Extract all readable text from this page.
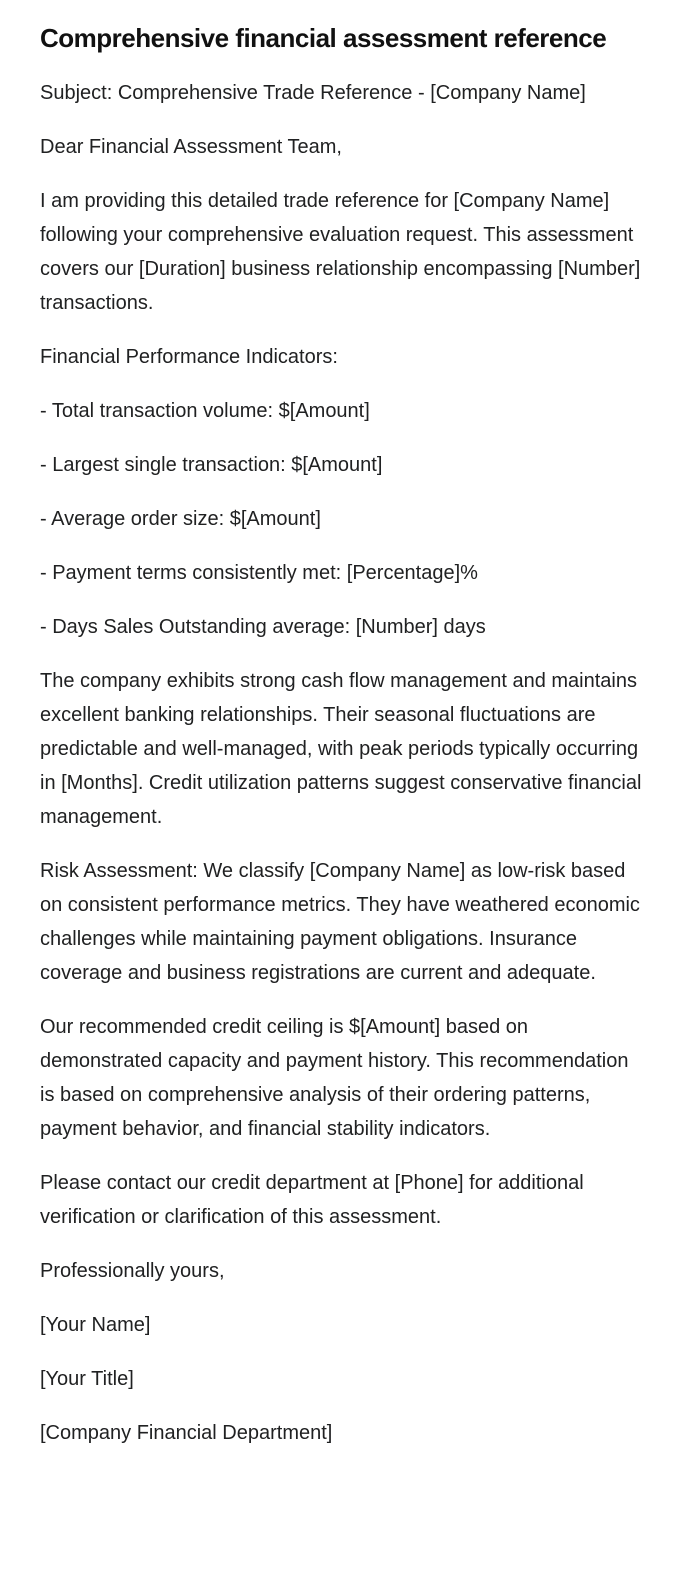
Comprehensive financial assessment reference

Subject: Comprehensive Trade Reference - [Company Name]

Dear Financial Assessment Team,

I am providing this detailed trade reference for [Company Name] following your comprehensive evaluation request. This assessment covers our [Duration] business relationship encompassing [Number] transactions.

Financial Performance Indicators:

- Total transaction volume: $[Amount]

- Largest single transaction: $[Amount]

- Average order size: $[Amount]

- Payment terms consistently met: [Percentage]%

- Days Sales Outstanding average: [Number] days

The company exhibits strong cash flow management and maintains excellent banking relationships. Their seasonal fluctuations are predictable and well-managed, with peak periods typically occurring in [Months]. Credit utilization patterns suggest conservative financial management.

Risk Assessment: We classify [Company Name] as low-risk based on consistent performance metrics. They have weathered economic challenges while maintaining payment obligations. Insurance coverage and business registrations are current and adequate.

Our recommended credit ceiling is $[Amount] based on demonstrated capacity and payment history. This recommendation is based on comprehensive analysis of their ordering patterns, payment behavior, and financial stability indicators.

Please contact our credit department at [Phone] for additional verification or clarification of this assessment.

Professionally yours,

[Your Name]

[Your Title]

[Company Financial Department]
